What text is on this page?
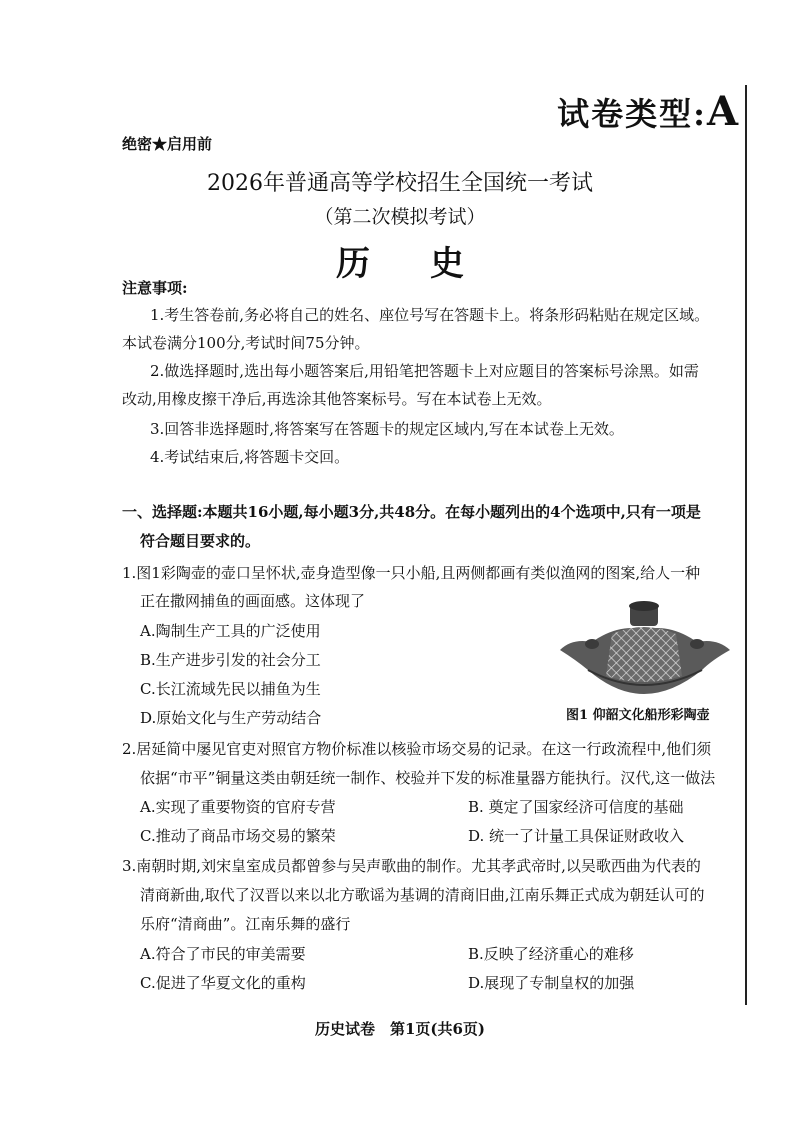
试卷类型:A
绝密★启用前
2026年普通高等学校招生全国统一考试
（第二次模拟考试）
历史
注意事项:
1.考生答卷前,务必将自己的姓名、座位号写在答题卡上。将条形码粘贴在规定区域。
本试卷满分100分,考试时间75分钟。
2.做选择题时,选出每小题答案后,用铅笔把答题卡上对应题目的答案标号涂黑。如需
改动,用橡皮擦干净后,再选涂其他答案标号。写在本试卷上无效。
3.回答非选择题时,将答案写在答题卡的规定区域内,写在本试卷上无效。
4.考试结束后,将答题卡交回。
一、选择题:本题共16小题,每小题3分,共48分。在每小题列出的4个选项中,只有一项是
符合题目要求的。
1.图1彩陶壶的壶口呈怀状,壶身造型像一只小船,且两侧都画有类似渔网的图案,给人一种
正在撒网捕鱼的画面感。这体现了
A.陶制生产工具的广泛使用
B.生产进步引发的社会分工
C.长江流域先民以捕鱼为生
D.原始文化与生产劳动结合	图1 仰韶文化船形彩陶壶
2.居延简中屡见官吏对照官方物价标准以核验市场交易的记录。在这一行政流程中,他们须
依据“市平”铜量这类由朝廷统一制作、校验并下发的标准量器方能执行。汉代,这一做法
A.实现了重要物资的官府专营	B. 奠定了国家经济可信度的基础
C.推动了商品市场交易的繁荣	D. 统一了计量工具保证财政收入
3.南朝时期,刘宋皇室成员都曾参与吴声歌曲的制作。尤其孝武帝时,以吴歌西曲为代表的
清商新曲,取代了汉晋以来以北方歌谣为基调的清商旧曲,江南乐舞正式成为朝廷认可的
乐府“清商曲”。江南乐舞的盛行
A.符合了市民的审美需要	B.反映了经济重心的难移
C.促进了华夏文化的重构	D.展现了专制皇权的加强
历史试卷　第1页(共6页)
